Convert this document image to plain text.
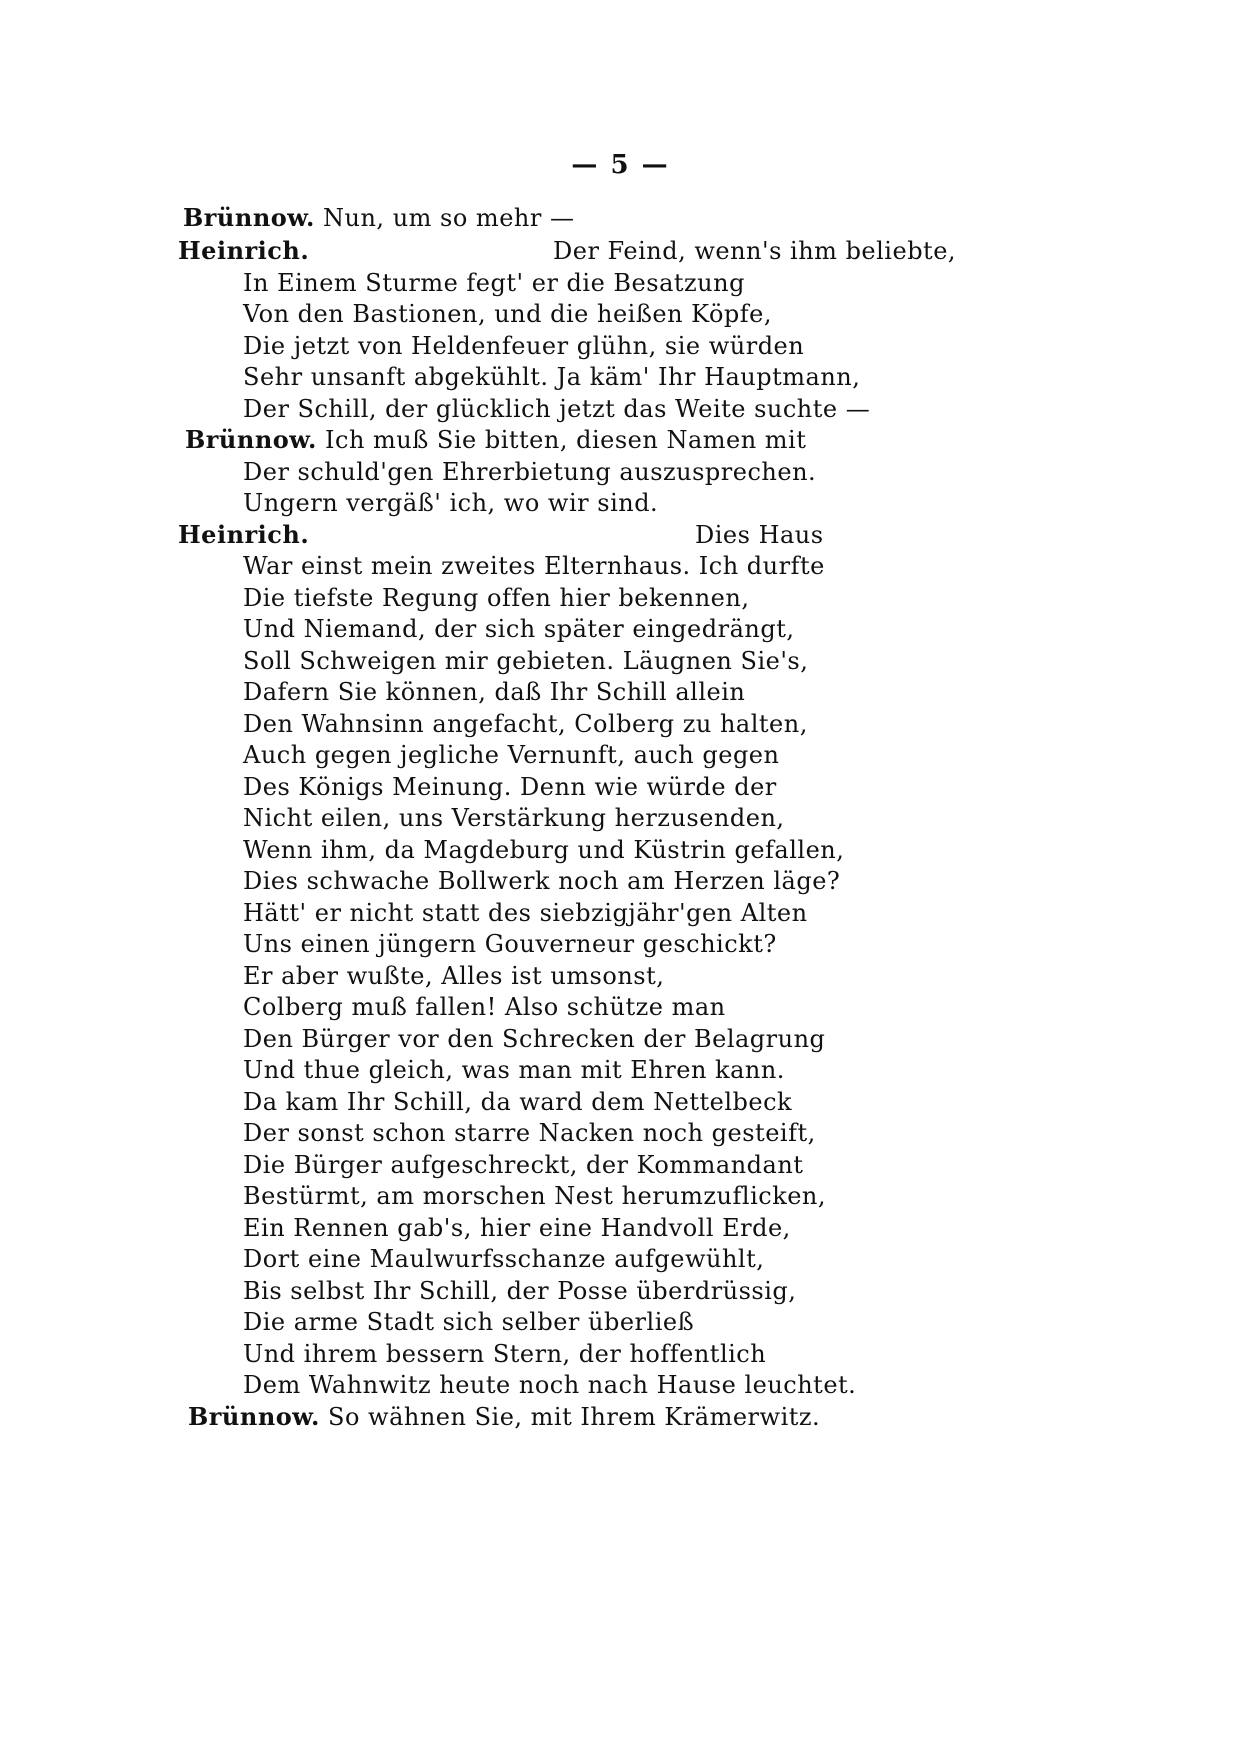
— 5 —
Brünnow. Nun, um so mehr —
Heinrich.	Der Feind, wenn's ihm beliebte,
In Einem Sturme fegt' er die Besatzung
Von den Bastionen, und die heißen Köpfe,
Die jetzt von Heldenfeuer glühn, sie würden
Sehr unsanft abgekühlt. Ja käm' Ihr Hauptmann,
Der Schill, der glücklich jetzt das Weite suchte —
Brünnow. Ich muß Sie bitten, diesen Namen mit
Der schuld'gen Ehrerbietung auszusprechen.
Ungern vergäß' ich, wo wir sind.
Heinrich.	Dies Haus
War einst mein zweites Elternhaus. Ich durfte
Die tiefste Regung offen hier bekennen,
Und Niemand, der sich später eingedrängt,
Soll Schweigen mir gebieten. Läugnen Sie's,
Dafern Sie können, daß Ihr Schill allein
Den Wahnsinn angefacht, Colberg zu halten,
Auch gegen jegliche Vernunft, auch gegen
Des Königs Meinung. Denn wie würde der
Nicht eilen, uns Verstärkung herzusenden,
Wenn ihm, da Magdeburg und Küstrin gefallen,
Dies schwache Bollwerk noch am Herzen läge?
Hätt' er nicht statt des siebzigjähr'gen Alten
Uns einen jüngern Gouverneur geschickt?
Er aber wußte, Alles ist umsonst,
Colberg muß fallen! Also schütze man
Den Bürger vor den Schrecken der Belagrung
Und thue gleich, was man mit Ehren kann.
Da kam Ihr Schill, da ward dem Nettelbeck
Der sonst schon starre Nacken noch gesteift,
Die Bürger aufgeschreckt, der Kommandant
Bestürmt, am morschen Nest herumzuflicken,
Ein Rennen gab's, hier eine Handvoll Erde,
Dort eine Maulwurfsschanze aufgewühlt,
Bis selbst Ihr Schill, der Posse überdrüssig,
Die arme Stadt sich selber überließ
Und ihrem bessern Stern, der hoffentlich
Dem Wahnwitz heute noch nach Hause leuchtet.
Brünnow. So wähnen Sie, mit Ihrem Krämerwitz.
